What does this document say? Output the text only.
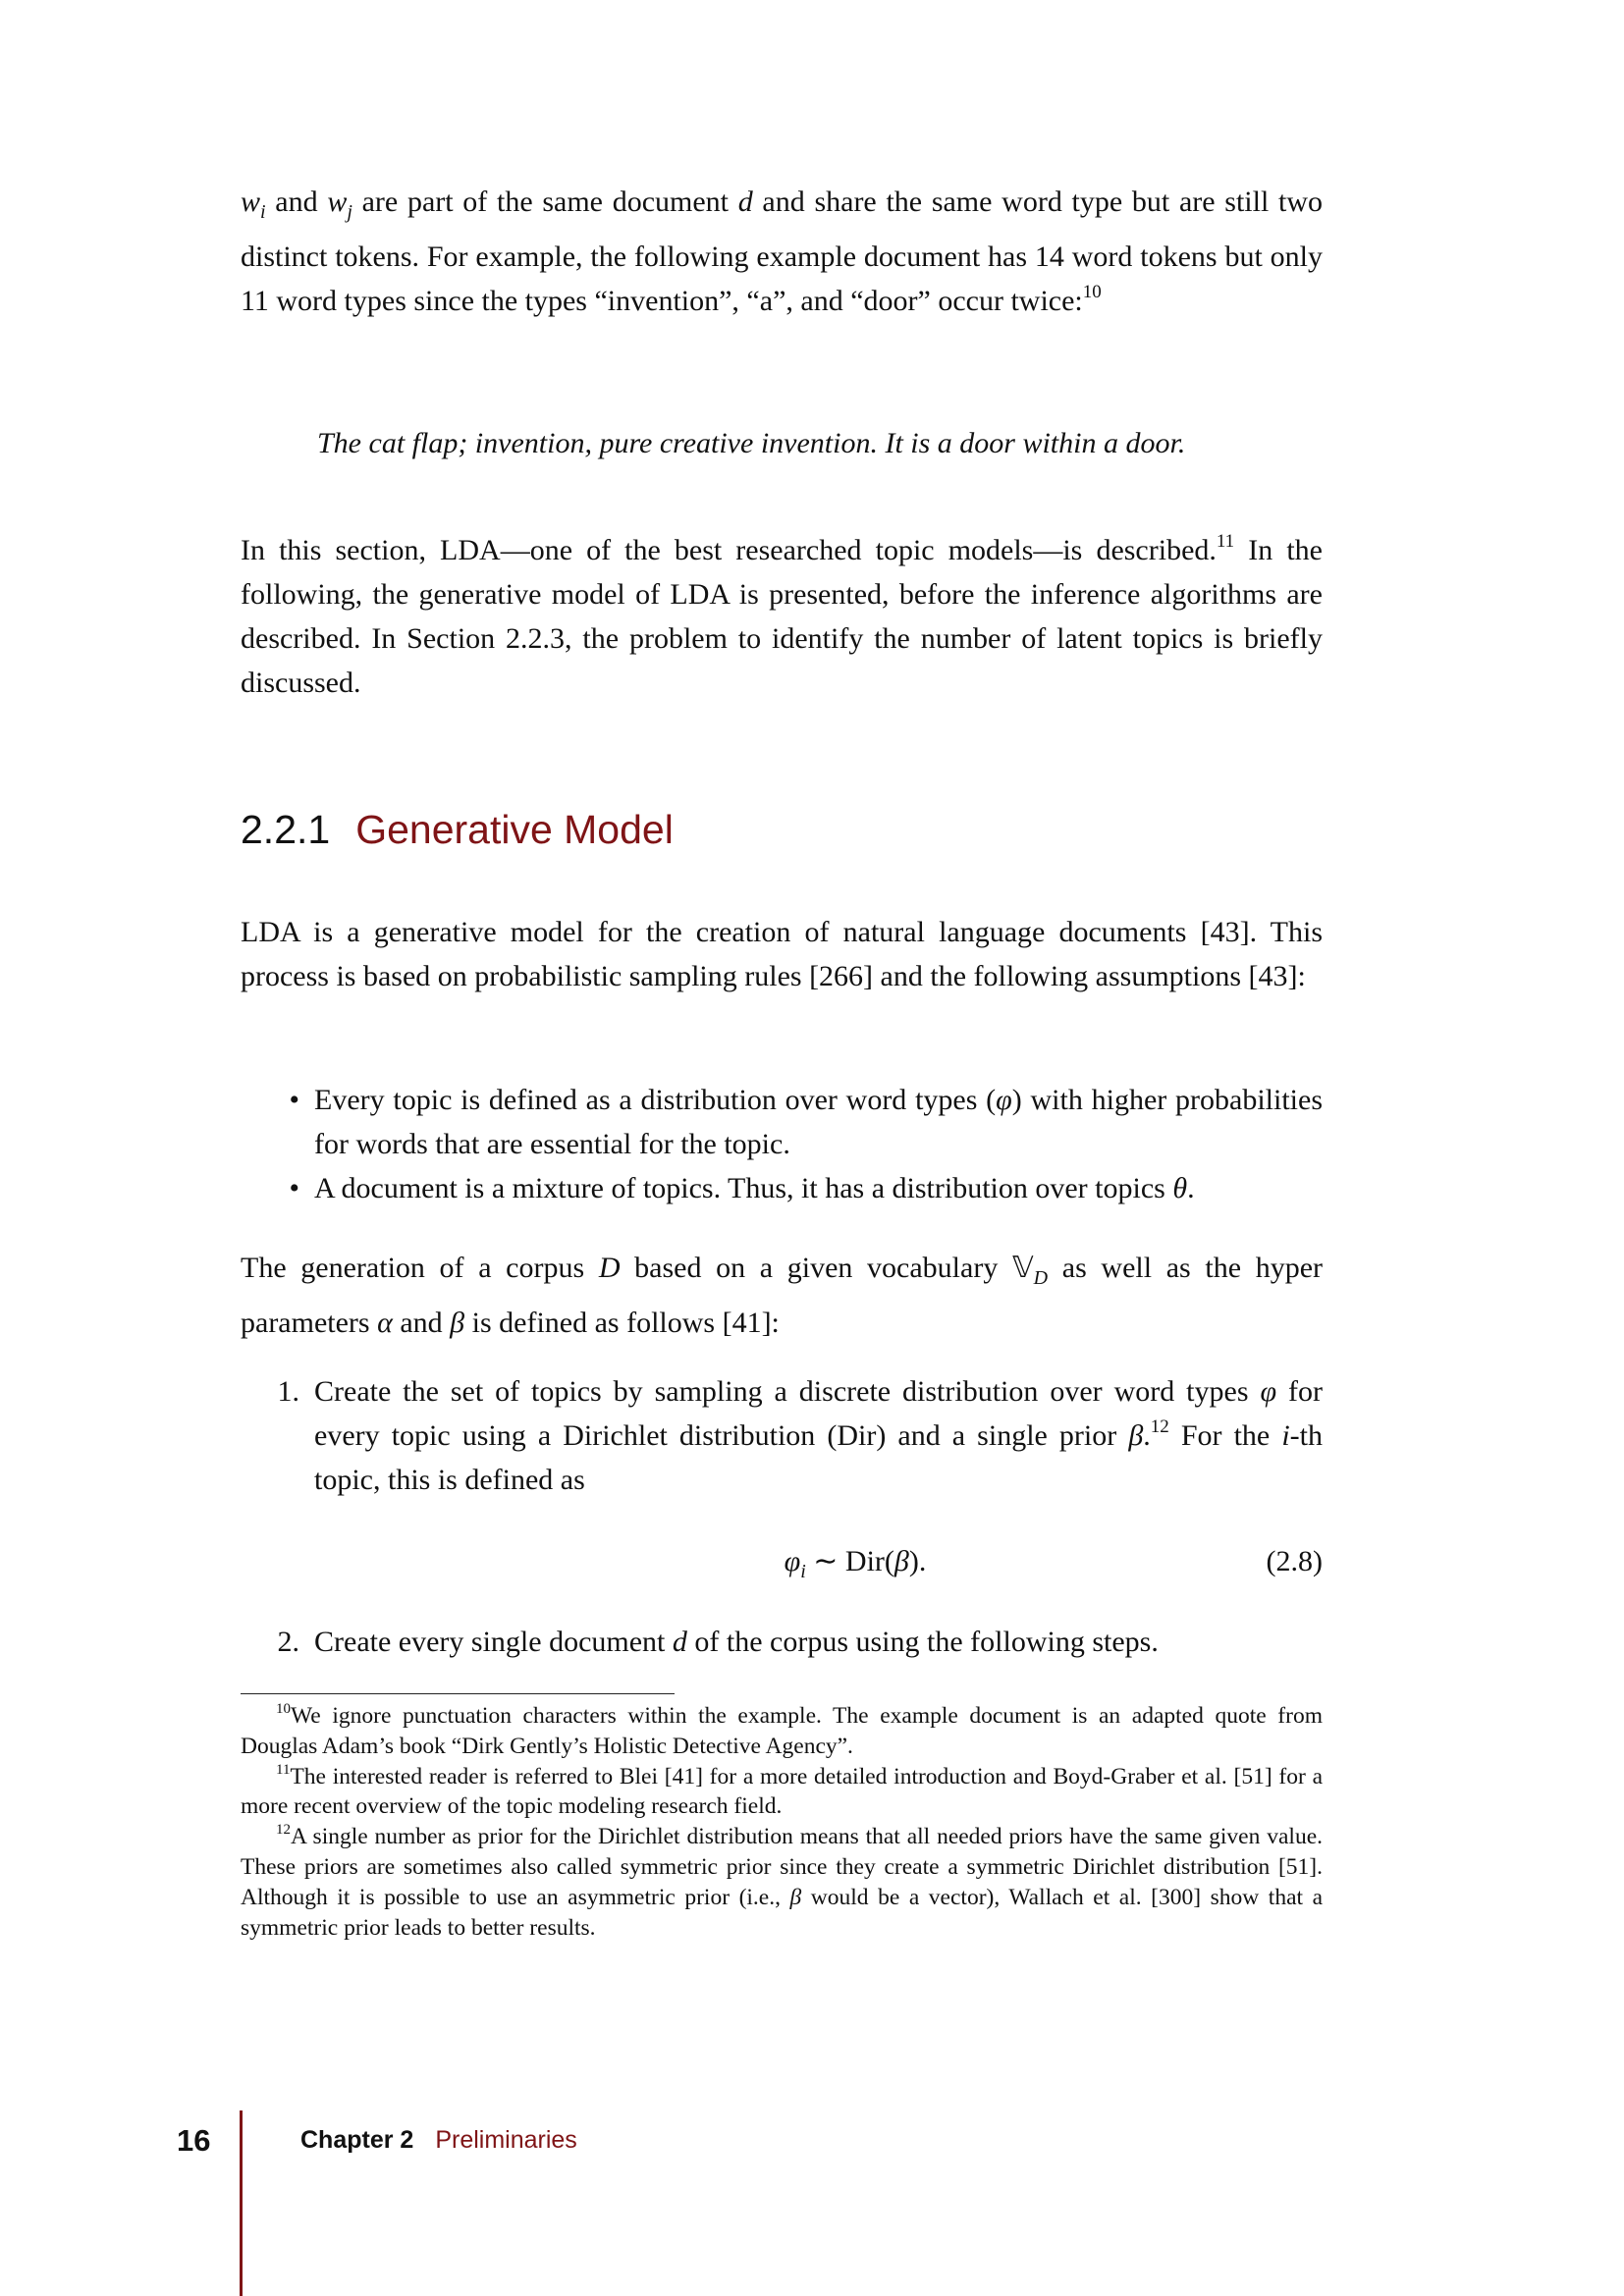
$w_i$ and $w_j$ are part of the same document d and share the same word type but are still two distinct tokens. For example, the following example document has 14 word tokens but only 11 word types since the types “invention”, “a”, and “door” occur twice:$^{10}$
The cat flap; invention, pure creative invention. It is a door within a door.
In this section, LDA—one of the best researched topic models—is described.$^{11}$ In the following, the generative model of LDA is presented, before the inference algorithms are described. In Section 2.2.3, the problem to identify the number of latent topics is briefly discussed.
2.2.1 Generative Model
LDA is a generative model for the creation of natural language documents [43]. This process is based on probabilistic sampling rules [266] and the following assumptions [43]:
• Every topic is defined as a distribution over word types (φ) with higher probabilities for words that are essential for the topic.
• A document is a mixture of topics. Thus, it has a distribution over topics θ.
The generation of a corpus D based on a given vocabulary 𝕍$_D$ as well as the hyper parameters α and β is defined as follows [41]:
1. Create the set of topics by sampling a discrete distribution over word types φ for every topic using a Dirichlet distribution (Dir) and a single prior β.$^{12}$ For the i-th topic, this is defined as
$\varphi_i$ ∼ Dir(β).	(2.8)
2. Create every single document d of the corpus using the following steps.

$^{10}$We ignore punctuation characters within the example. The example document is an adapted quote from Douglas Adam’s book “Dirk Gently’s Holistic Detective Agency”.

$^{11}$The interested reader is referred to Blei [41] for a more detailed introduction and Boyd-Graber et al. [51] for a more recent overview of the topic modeling research field.

$^{12}$A single number as prior for the Dirichlet distribution means that all needed priors have the same given value. These priors are sometimes also called symmetric prior since they create a symmetric Dirichlet distribution [51]. Although it is possible to use an asymmetric prior (i.e., β would be a vector), Wallach et al. [300] show that a symmetric prior leads to better results.

16	Chapter 2 Preliminaries
